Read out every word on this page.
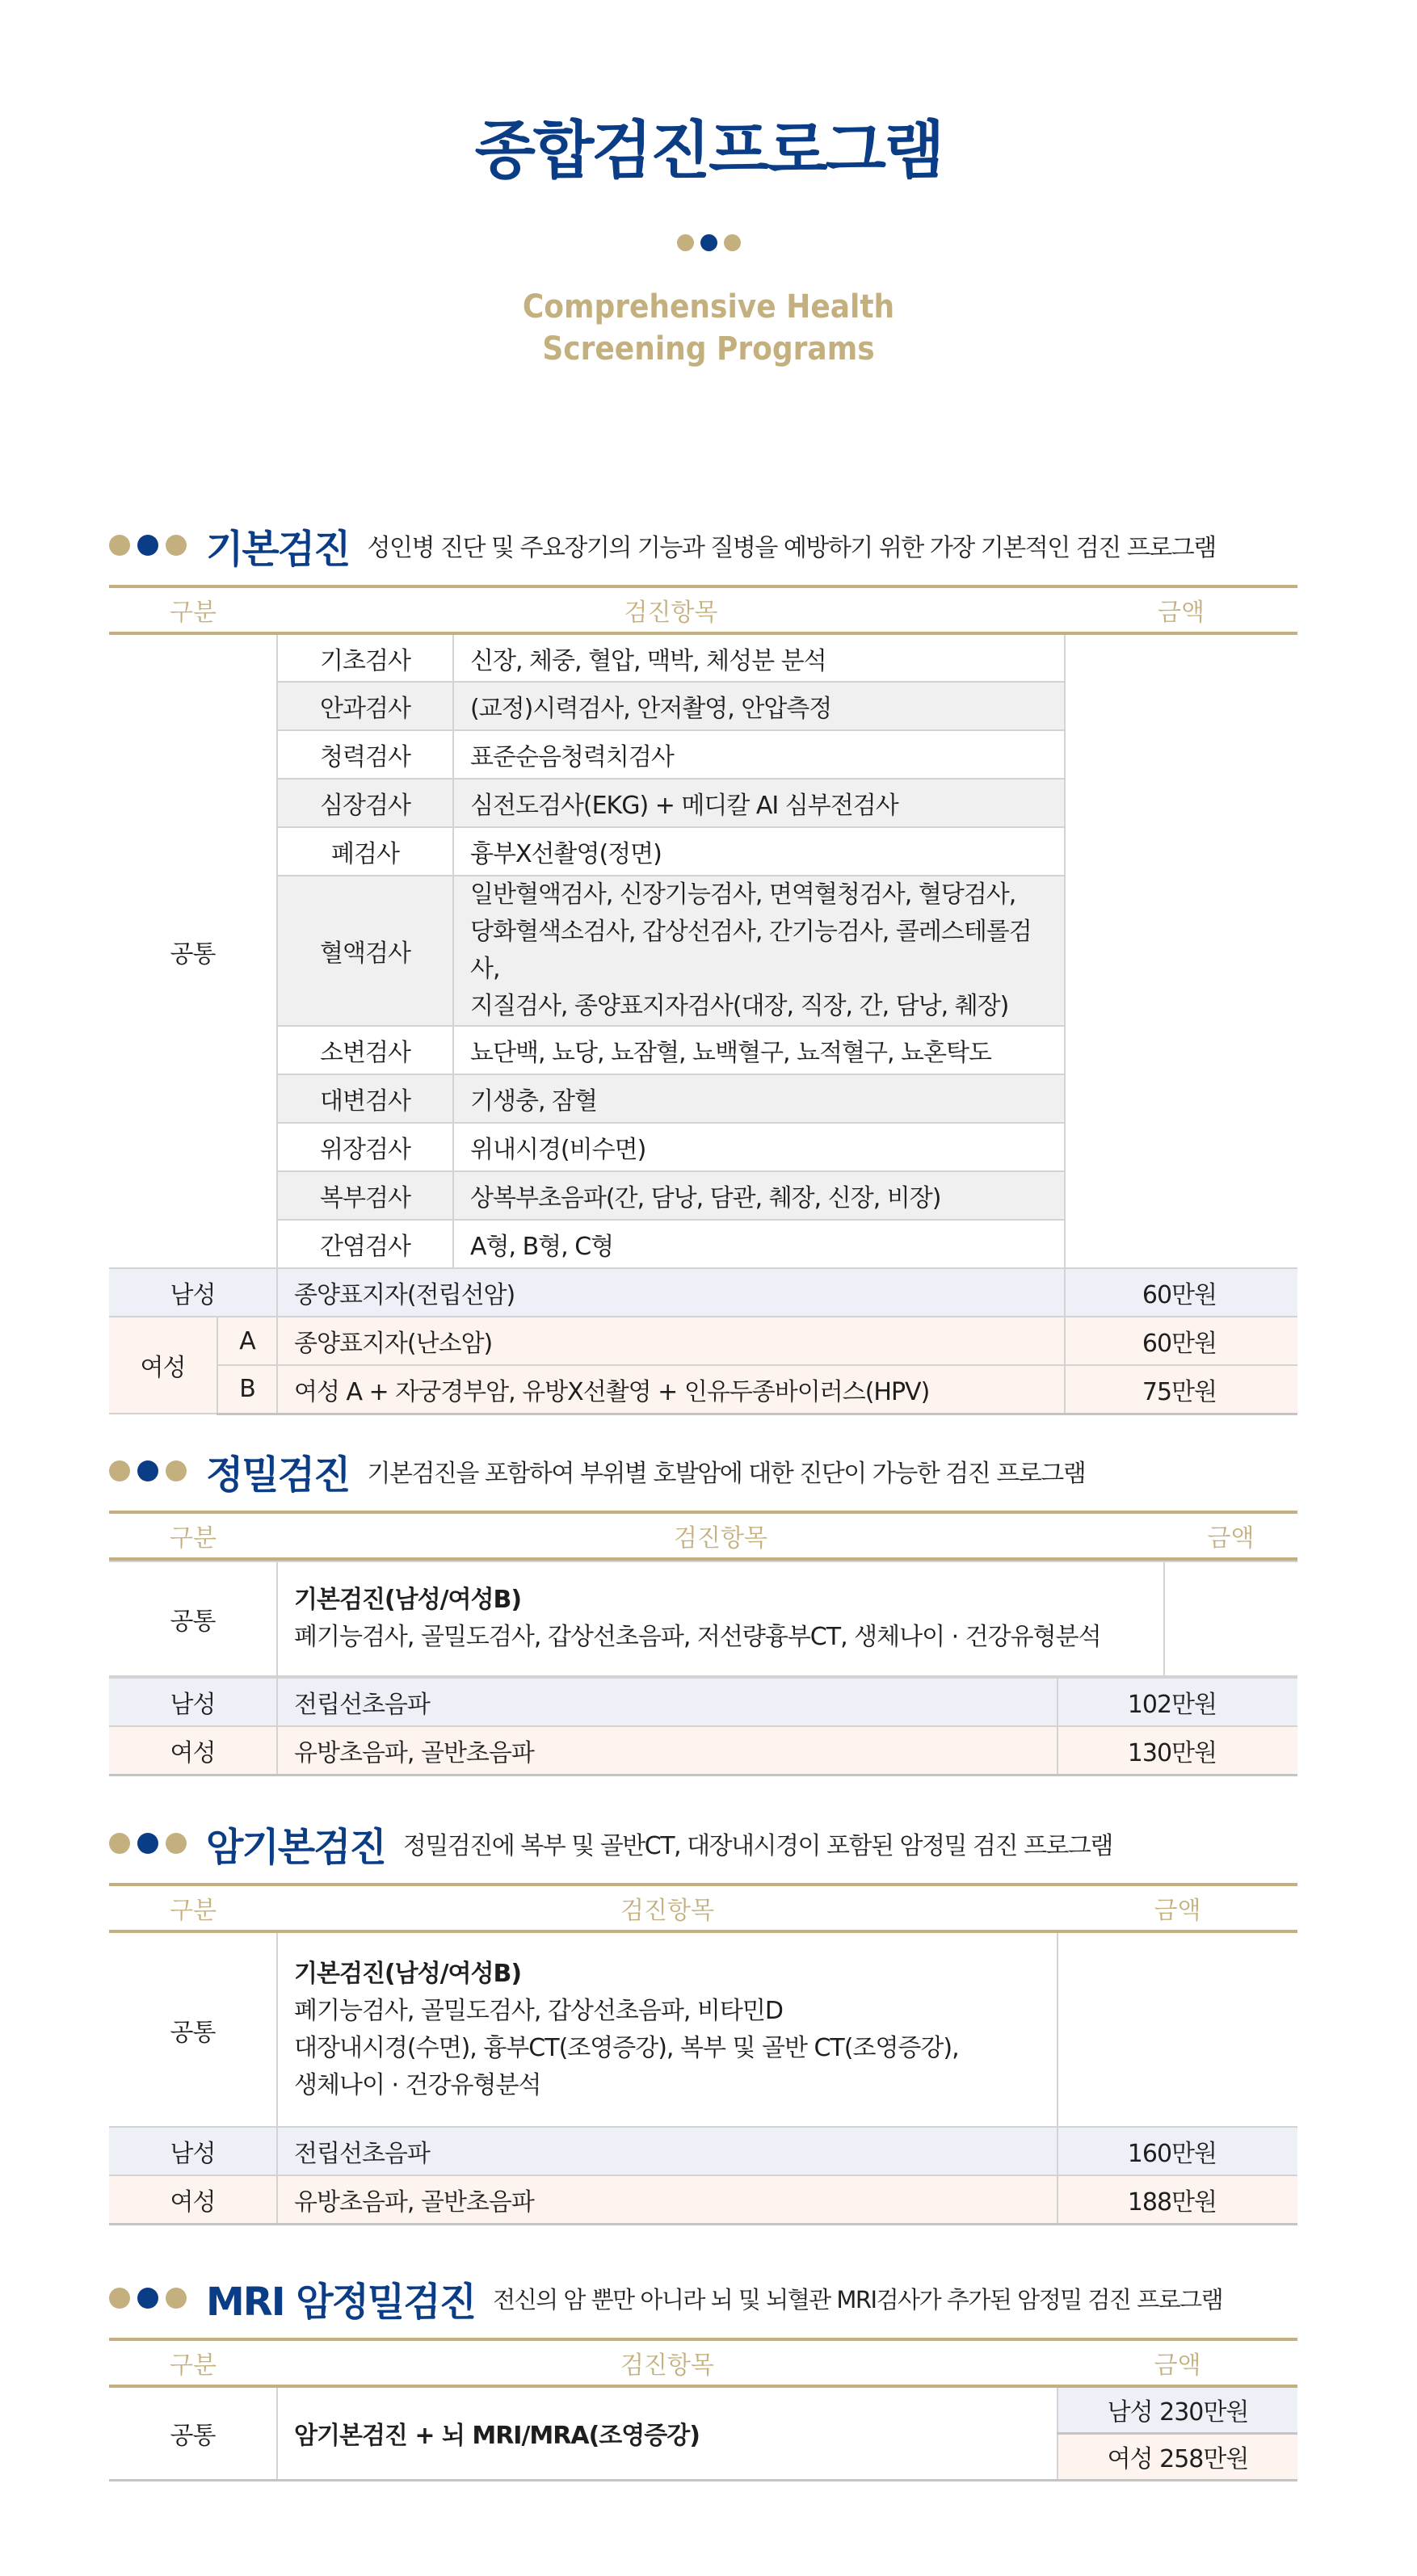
종합검진프로그램
Comprehensive Health
Screening Programs
기본검진 성인병 진단 및 주요장기의 기능과 질병을 예방하기 위한 가장 기본적인 검진 프로그램
구분		검진항목		금액
공통		기초검사	신장, 체중, 혈압, 맥박, 체성분 분석	
		안과검사	(교정)시력검사, 안저촬영, 안압측정	
		청력검사	표준순음청력치검사	
		심장검사	심전도검사(EKG) + 메디칼 AI 심부전검사	
		폐검사	흉부X선촬영(정면)	
		혈액검사	일반혈액검사, 신장기능검사, 면역혈청검사, 혈당검사,
당화혈색소검사, 갑상선검사, 간기능검사, 콜레스테롤검사,
지질검사, 종양표지자검사(대장, 직장, 간, 담낭, 췌장)	

		소변검사	뇨단백, 뇨당, 뇨잠혈, 뇨백혈구, 뇨적혈구, 뇨혼탁도	
		대변검사	기생충, 잠혈	
		위장검사	위내시경(비수면)	
		복부검사	상복부초음파(간, 담낭, 담관, 췌장, 신장, 비장)	
		간염검사	A형, B형, C형	
남성		종양표지자(전립선암)		60만원
여성	A	종양표지자(난소암)		60만원
	B	여성 A + 자궁경부암, 유방X선촬영 + 인유두종바이러스(HPV)		75만원
정밀검진 기본검진을 포함하여 부위별 호발암에 대한 진단이 가능한 검진 프로그램
구분	검진항목	금액
공통	
기본검진(남성/여성B)
폐기능검사, 골밀도검사, 갑상선초음파, 저선량흉부CT, 생체나이 · 건강유형분석

남성	전립선초음파	102만원
여성	유방초음파, 골반초음파	130만원
암기본검진 정밀검진에 복부 및 골반CT, 대장내시경이 포함된 암정밀 검진 프로그램
구분	검진항목	금액
공통	기본검진(남성/여성B)
폐기능검사, 골밀도검사, 갑상선초음파, 비타민D
대장내시경(수면), 흉부CT(조영증강), 복부 및 골반 CT(조영증강),
생체나이 · 건강유형분석	

남성	전립선초음파	160만원
여성	유방초음파, 골반초음파	188만원
MRI 암정밀검진 전신의 암 뿐만 아니라 뇌 및 뇌혈관 MRI검사가 추가된 암정밀 검진 프로그램
구분	검진항목	금액
공통	암기본검진 + 뇌 MRI/MRA(조영증강)	남성 230만원
		여성 258만원
